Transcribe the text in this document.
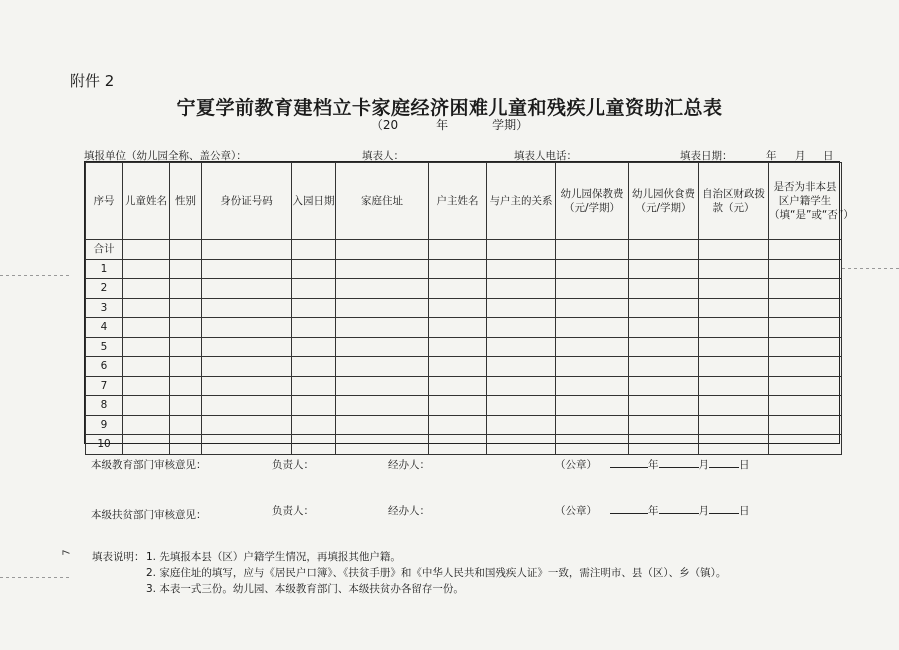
附件 2
宁夏学前教育建档立卡家庭经济困难儿童和残疾儿童资助汇总表
（20	年	学期）
填报单位（幼儿园全称、盖公章）：	填表人：	填表人电话：	填表日期：	年 月 日
序号	儿童姓名	性别	身份证号码	入园日期	家庭住址	户主姓名	与户主的关系	幼儿园保教费（元/学期）	幼儿园伙食费（元/学期）	自治区财政拨款（元）	是否为非本县区户籍学生（填“是”或“否”）
合计											
1											
2											
3											
4											
5											
6											
7											
8											
9											
10											
本级教育部门审核意见：	负责人：	经办人：	（公章）	年	月	日
本级扶贫部门审核意见：	负责人：	经办人：	（公章）	年	月	日
填表说明： 1. 先填报本县（区）户籍学生情况，再填报其他户籍。
2. 家庭住址的填写，应与《居民户口簿》、《扶贫手册》和《中华人民共和国残疾人证》一致，需注明市、县（区）、乡（镇）。
3. 本表一式三份。幼儿园、本级教育部门、本级扶贫办各留存一份。
7
